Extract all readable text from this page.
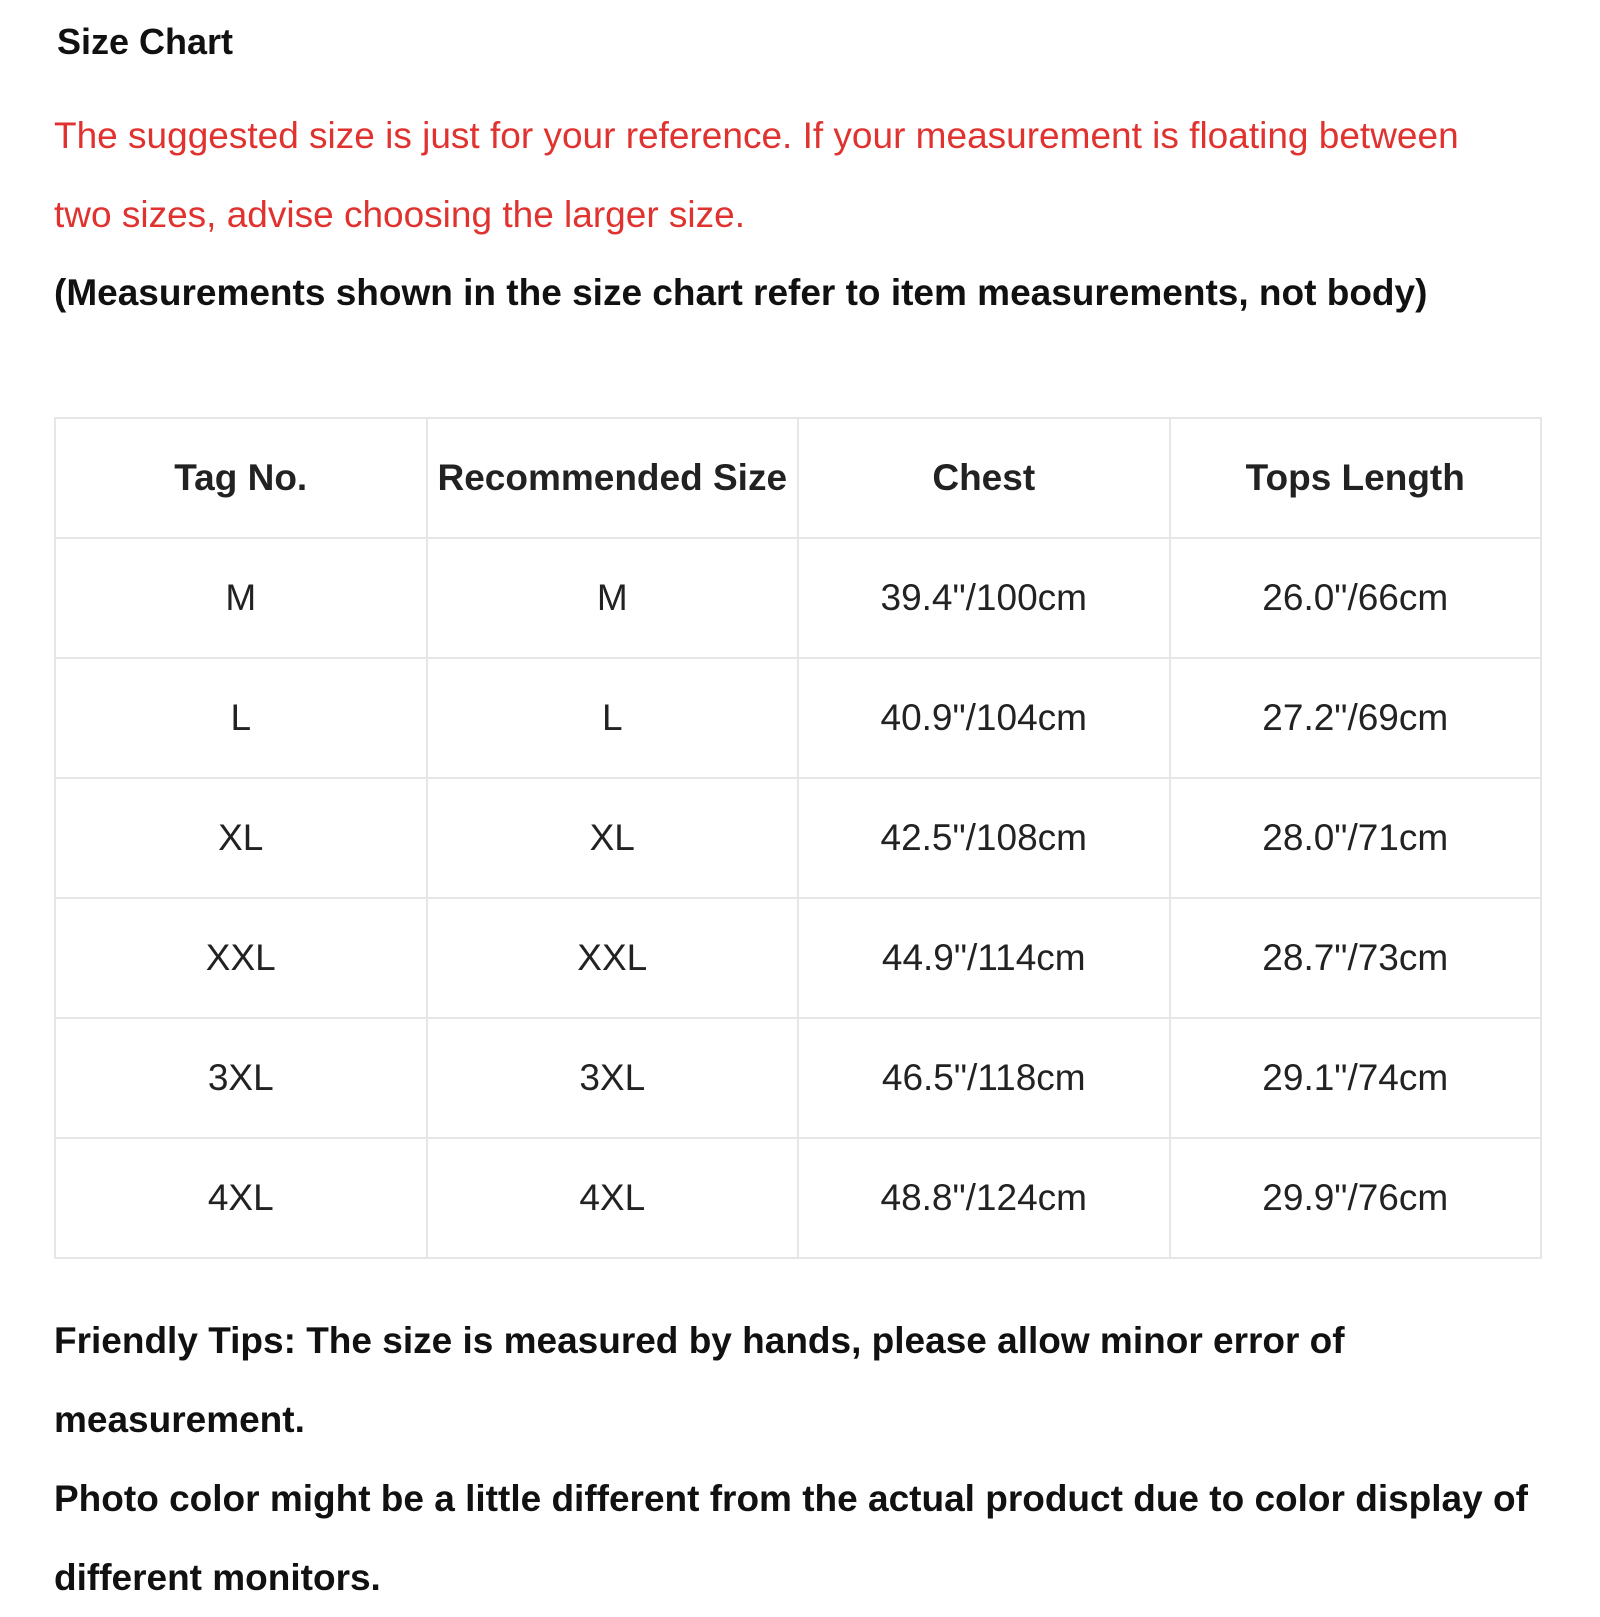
Size Chart
The suggested size is just for your reference. If your measurement is floating between two sizes, advise choosing the larger size.
(Measurements shown in the size chart refer to item measurements, not body)
Tag No.	Recommended Size	Chest	Tops Length
M	M	39.4"/100cm	26.0"/66cm
L	L	40.9"/104cm	27.2"/69cm
XL	XL	42.5"/108cm	28.0"/71cm
XXL	XXL	44.9"/114cm	28.7"/73cm
3XL	3XL	46.5"/118cm	29.1"/74cm
4XL	4XL	48.8"/124cm	29.9"/76cm

Friendly Tips: The size is measured by hands, please allow minor error of measurement.

Photo color might be a little different from the actual product due to color display of different monitors.
